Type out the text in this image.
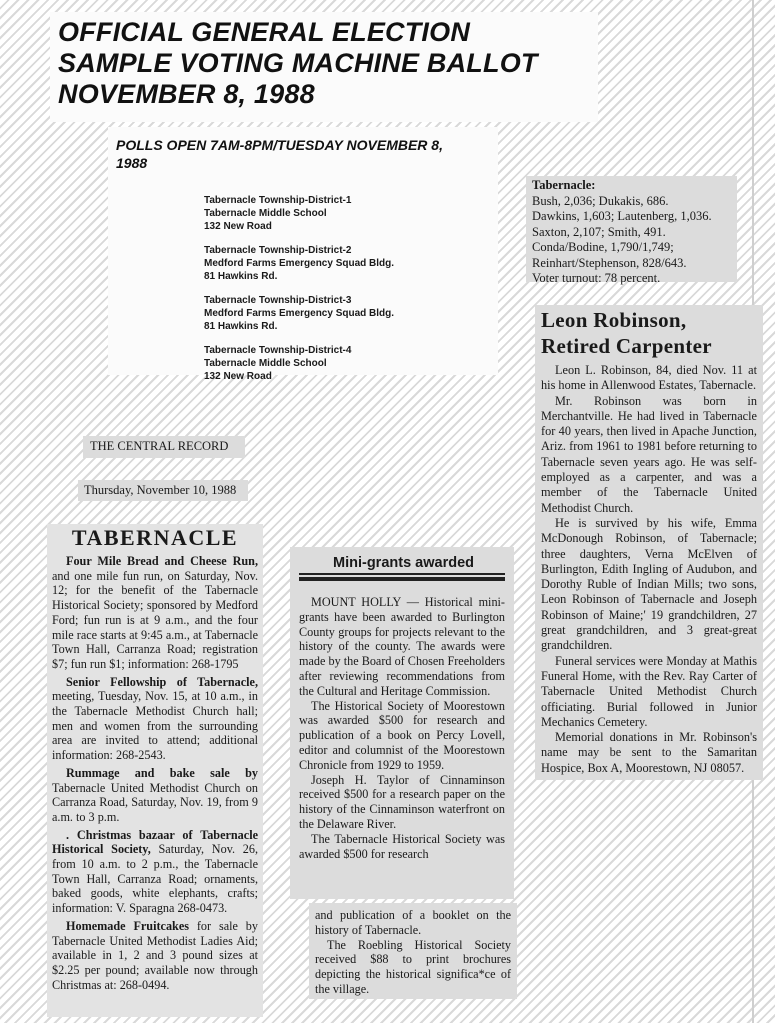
OFFICIAL GENERAL ELECTION
SAMPLE VOTING MACHINE BALLOT
NOVEMBER 8, 1988
POLLS OPEN 7AM-8PM/TUESDAY NOVEMBER 8,
1988
Tabernacle Township-District-1
Tabernacle Middle School
132 New Road
Tabernacle Township-District-2
Medford Farms Emergency Squad Bldg.
81 Hawkins Rd.
Tabernacle Township-District-3
Medford Farms Emergency Squad Bldg.
81 Hawkins Rd.
Tabernacle Township-District-4
Tabernacle Middle School
132 New Road
Tabernacle:
Bush, 2,036; Dukakis, 686.
Dawkins, 1,603; Lautenberg, 1,036.
Saxton, 2,107; Smith, 491.
Conda/Bodine, 1,790/1,749;
Reinhart/Stephenson, 828/643.
Voter turnout: 78 percent.
Leon Robinson,
Retired Carpenter

Leon L. Robinson, 84, died Nov. 11 at his home in Allenwood Estates, Tabernacle.

Mr. Robinson was born in Merchantville. He had lived in Tabernacle for 40 years, then lived in Apache Junction, Ariz. from 1961 to 1981 before returning to Tabernacle seven years ago. He was self-employed as a carpenter, and was a member of the Tabernacle United Methodist Church.

He is survived by his wife, Emma McDonough Robinson, of Tabernacle; three daughters, Verna McElven of Burlington, Edith Ingling of Audubon, and Dorothy Ruble of Indian Mills; two sons, Leon Robinson of Tabernacle and Joseph Robinson of Maine;' 19 grandchildren, 27 great grandchildren, and 3 great-great grandchildren.

Funeral services were Monday at Mathis Funeral Home, with the Rev. Ray Carter of Tabernacle United Methodist Church officiating. Burial followed in Junior Mechanics Cemetery.

Memorial donations in Mr. Robinson's name may be sent to the Samaritan Hospice, Box A, Moorestown, NJ 08057.

THE CENTRAL RECORD
Thursday, November 10, 1988
TABERNACLE

Four Mile Bread and Cheese Run, and one mile fun run, on Saturday, Nov. 12; for the benefit of the Tabernacle Historical Society; sponsored by Medford Ford; fun run is at 9 a.m., and the four mile race starts at 9:45 a.m., at Tabernacle Town Hall, Carranza Road; registration $7; fun run $1; information: 268-1795

Senior Fellowship of Tabernacle, meeting, Tuesday, Nov. 15, at 10 a.m., in the Tabernacle Methodist Church hall; men and women from the surrounding area are invited to attend; additional information: 268-2543.

Rummage and bake sale by Tabernacle United Methodist Church on Carranza Road, Saturday, Nov. 19, from 9 a.m. to 3 p.m.

. Christmas bazaar of Tabernacle Historical Society, Saturday, Nov. 26, from 10 a.m. to 2 p.m., the Tabernacle Town Hall, Carranza Road; ornaments, baked goods, white elephants, crafts; information: V. Sparagna 268-0473.

Homemade Fruitcakes for sale by Tabernacle United Methodist Ladies Aid; available in 1, 2 and 3 pound sizes at $2.25 per pound; available now through Christmas at: 268-0494.

Mini-grants awarded

MOUNT HOLLY — Historical mini-grants have been awarded to Burlington County groups for projects relevant to the history of the county. The awards were made by the Board of Chosen Freeholders after reviewing recommendations from the Cultural and Heritage Commission.

The Historical Society of Moorestown was awarded $500 for research and publication of a book on Percy Lovell, editor and columnist of the Moorestown Chronicle from 1929 to 1959.

Joseph H. Taylor of Cinnaminson received $500 for a research paper on the history of the Cinnaminson waterfront on the Delaware River.

The Tabernacle Historical Society was awarded $500 for research

and publication of a booklet on the history of Tabernacle.

The Roebling Historical Society received $88 to print brochures depicting the historical significa*ce of the village.
